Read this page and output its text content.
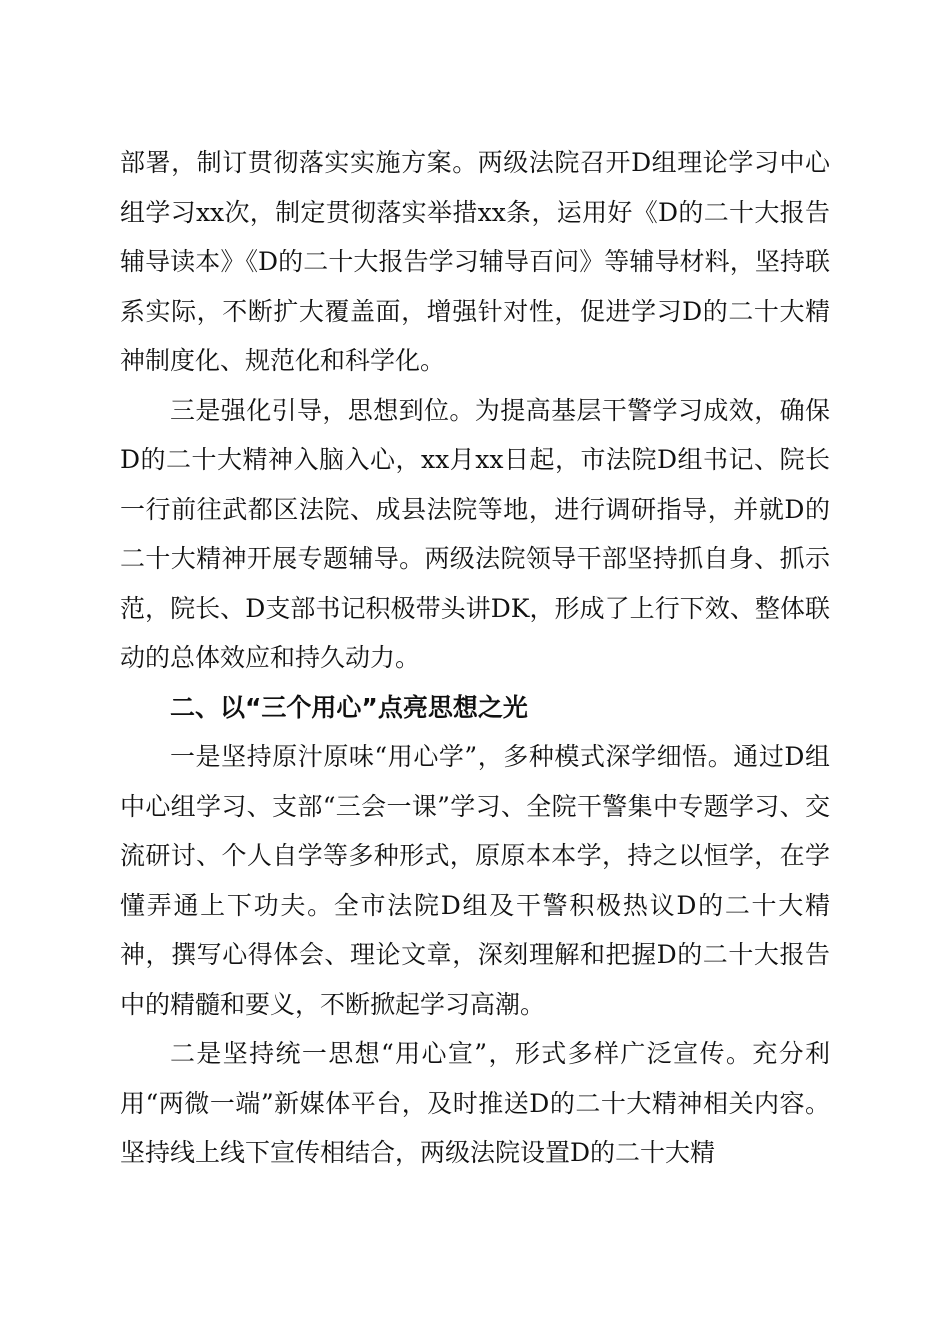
部署，制订贯彻落实实施方案。两级法院召开D组理论学习中心组学习xx次，制定贯彻落实举措xx条，运用好《D的二十大报告辅导读本》《D的二十大报告学习辅导百问》等辅导材料，坚持联系实际，不断扩大覆盖面，增强针对性，促进学习D的二十大精神制度化、规范化和科学化。

三是强化引导，思想到位。为提高基层干警学习成效，确保D的二十大精神入脑入心，xx月xx日起，市法院D组书记、院长一行前往武都区法院、成县法院等地，进行调研指导，并就D的二十大精神开展专题辅导。两级法院领导干部坚持抓自身、抓示范，院长、D支部书记积极带头讲DK，形成了上行下效、整体联动的总体效应和持久动力。

二、以“三个用心”点亮思想之光

一是坚持原汁原味“用心学”，多种模式深学细悟。通过D组中心组学习、支部“三会一课”学习、全院干警集中专题学习、交流研讨、个人自学等多种形式，原原本本学，持之以恒学，在学懂弄通上下功夫。全市法院D组及干警积极热议D的二十大精神，撰写心得体会、理论文章，深刻理解和把握D的二十大报告中的精髓和要义，不断掀起学习高潮。

二是坚持统一思想“用心宣”，形式多样广泛宣传。充分利用“两微一端”新媒体平台，及时推送D的二十大精神相关内容。坚持线上线下宣传相结合，两级法院设置D的二十大精
